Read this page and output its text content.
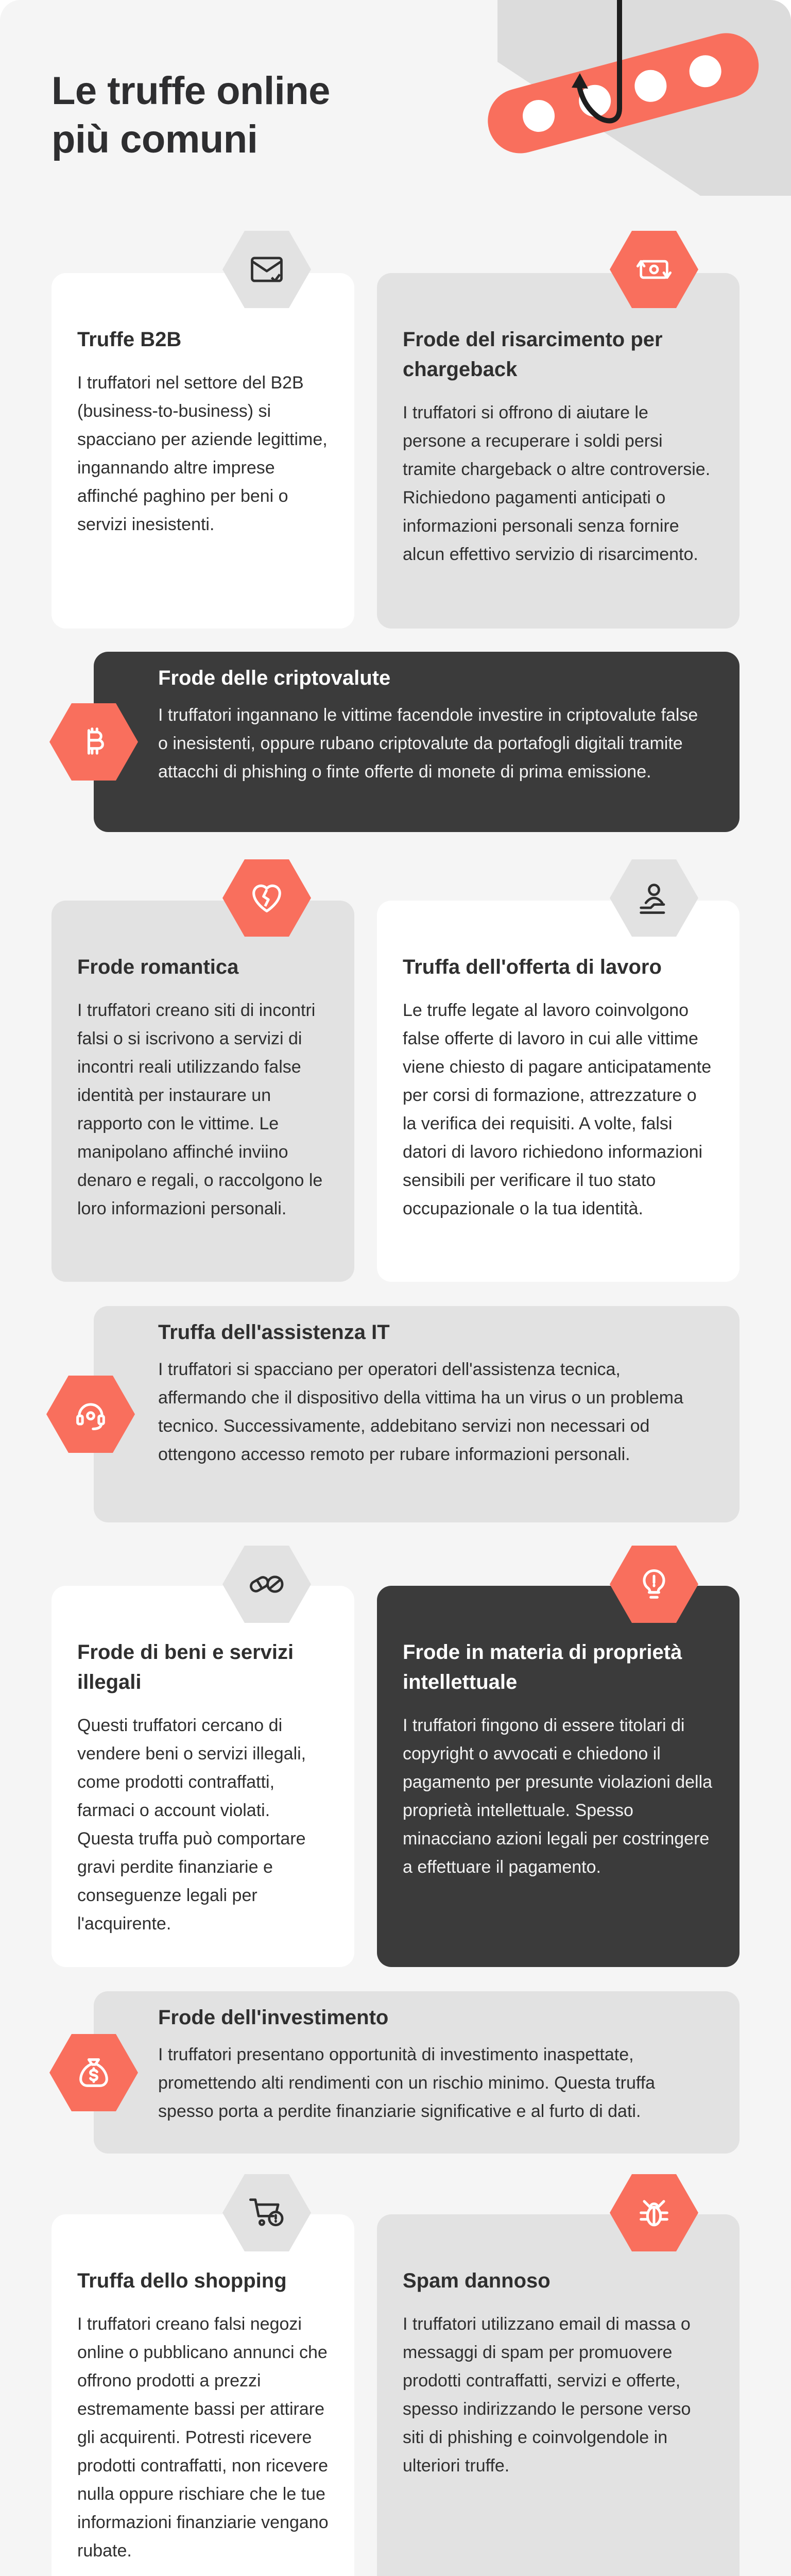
Le truffe online
più comuni
Truffe B2B

I truffatori nel settore del B2B (business-to-business) si spacciano per aziende legittime, ingannando altre imprese affinché paghino per beni o servizi inesistenti.

Frode del risarcimento per chargeback

I truffatori si offrono di aiutare le persone a recuperare i soldi persi tramite chargeback o altre controversie. Richiedono pagamenti anticipati o informazioni personali senza fornire alcun effettivo servizio di risarcimento.

Frode delle criptovalute

I truffatori ingannano le vittime facendole investire in criptovalute false o inesistenti, oppure rubano criptovalute da portafogli digitali tramite attacchi di phishing o finte offerte di monete di prima emissione.

Frode romantica

I truffatori creano siti di incontri falsi o si iscrivono a servizi di incontri reali utilizzando false identità per instaurare un rapporto con le vittime. Le manipolano affinché inviino denaro e regali, o raccolgono le loro informazioni personali.

Truffa dell'offerta di lavoro

Le truffe legate al lavoro coinvolgono false offerte di lavoro in cui alle vittime viene chiesto di pagare anticipatamente per corsi di formazione, attrezzature o la verifica dei requisiti. A volte, falsi datori di lavoro richiedono informazioni sensibili per verificare il tuo stato occupazionale o la tua identità.

Truffa dell'assistenza IT

I truffatori si spacciano per operatori dell'assistenza tecnica, affermando che il dispositivo della vittima ha un virus o un problema tecnico. Successivamente, addebitano servizi non necessari od ottengono accesso remoto per rubare informazioni personali.

Frode di beni e servizi illegali

Questi truffatori cercano di vendere beni o servizi illegali, come prodotti contraffatti, farmaci o account violati. Questa truffa può comportare gravi perdite finanziarie e conseguenze legali per l'acquirente.

Frode in materia di proprietà intellettuale

I truffatori fingono di essere titolari di copyright o avvocati e chiedono il pagamento per presunte violazioni della proprietà intellettuale. Spesso minacciano azioni legali per costringere a effettuare il pagamento.

Frode dell'investimento

I truffatori presentano opportunità di investimento inaspettate, promettendo alti rendimenti con un rischio minimo. Questa truffa spesso porta a perdite finanziarie significative e al furto di dati.

Truffa dello shopping

I truffatori creano falsi negozi online o pubblicano annunci che offrono prodotti a prezzi estremamente bassi per attirare gli acquirenti. Potresti ricevere prodotti contraffatti, non ricevere nulla oppure rischiare che le tue informazioni finanziarie vengano rubate.

Spam dannoso

I truffatori utilizzano email di massa o messaggi di spam per promuovere prodotti contraffatti, servizi e offerte, spesso indirizzando le persone verso siti di phishing e coinvolgendole in ulteriori truffe.
